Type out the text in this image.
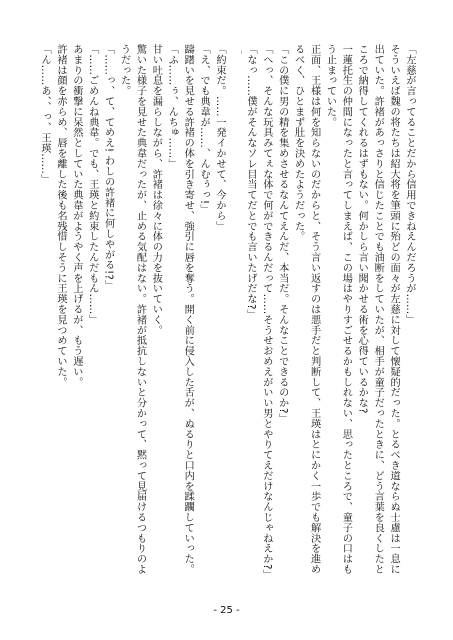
「左慈が言ってることだから信用できねえんだろうが……」

そういえば魏の将たちは紹大将を筆頭に殆どの面々が左慈に対して懐疑的だった。とるべき道ならぬ士慮は一息に出ていた。許褚があっさりと信じたことでも油断をしていたが、相手が童子だったときに、どう言葉を良くしたところで納得してくれるはずもない。何かしら言い聞かせる術を心得ているかな?

一蓮托生の仲間になったと言ってしまえば、この場はやりすごせるかもしれない、思ったところで、童子の口はもう止まっていた。

正面、王様は何を知らないのだからと、そう言い返すのは悪手だと判断して、王瑛はとにかく一歩でも解決を進めるべく、ひとまず肚を決めたようだった。

「この僕に男の精を集めさせるなんてえんだ、本当だ。そんなことできるのか?」

「へっ、そんな玩具みてぇな体で何ができるんだって……そうせおめえがいい男とやりてえだけなんじゃねえか?」

「なっ……僕がそんなソレ目当てだとでも言いたげだな?」

「約束だ。……一発イかせて、今から」

「え、でも典韋が……、んむぅっ!」

躊躇いを見せる許褚の体を引き寄せ、強引に唇を奪う。開く前に侵入した舌が、ぬるりと口内を蹂躙していった。

「ふ……ぅ、んちゅ……」

甘い吐息を漏らしながら、許褚は徐々に体の力を抜いていく。

驚いた様子を見せた典韋だったが、止める気配はない。許褚が抵抗しないと分かって、黙って見届けるつもりのようだった。

「……っ、て、てめえ! わしの許褚に何しやがる!?」

「……ごめんね典韋。でも、王瑛と約束したんだもん……」

あまりの衝撃に呆然としていた典韋がようやく声を上げるが、もう遅い。

許褚は顔を赤らめ、唇を離した後も名残惜しそうに王瑛を見つめていた。

「ん……あ、、っ、王瑛……」

- 25 -
